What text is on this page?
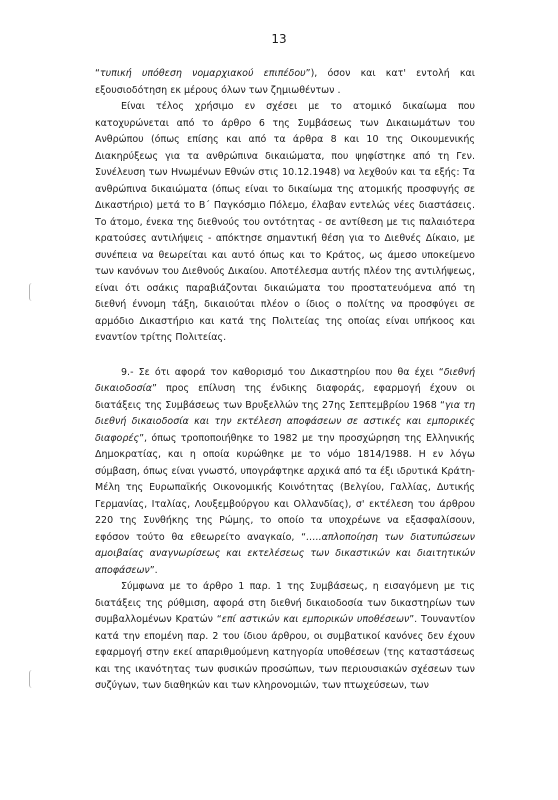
13

“τυπική υπόθεση νομαρχιακού επιπέδου”), όσον και κατ' εντολή και εξουσιοδότηση εκ μέρους όλων των ζημιωθέντων .

Είναι τέλος χρήσιμο εν σχέσει με το ατομικό δικαίωμα που κατοχυρώνεται από το άρθρο 6 της Συμβάσεως των Δικαιωμάτων του Ανθρώπου (όπως επίσης και από τα άρθρα 8 και 10 της Οικουμενικής Διακηρύξεως για τα ανθρώπινα δικαιώματα, που ψηφίστηκε από τη Γεν. Συνέλευση των Ηνωμένων Εθνών στις 10.12.1948) να λεχθούν και τα εξής: Τα ανθρώπινα δικαιώματα (όπως είναι το δικαίωμα της ατομικής προσφυγής σε Δικαστήριο) μετά το Β΄ Παγκόσμιο Πόλεμο, έλαβαν εντελώς νέες διαστάσεις. Το άτομο, ένεκα της διεθνούς του οντότητας - σε αντίθεση με τις παλαιότερα κρατούσες αντιλήψεις - απόκτησε σημαντική θέση για το Διεθνές Δίκαιο, με συνέπεια να θεωρείται και αυτό όπως και το Κράτος, ως άμεσο υποκείμενο των κανόνων του Διεθνούς Δικαίου. Αποτέλεσμα αυτής πλέον της αντιλήψεως, είναι ότι οσάκις παραβιάζονται δικαιώματα του προστατευόμενα από τη διεθνή έννομη τάξη, δικαιούται πλέον ο ίδιος ο πολίτης να προσφύγει σε αρμόδιο Δικαστήριο και κατά της Πολιτείας της οποίας είναι υπήκοος και εναντίον τρίτης Πολιτείας.

9.- Σε ότι αφορά τον καθορισμό του Δικαστηρίου που θα έχει “διεθνή δικαιοδοσία” προς επίλυση της ένδικης διαφοράς, εφαρμογή έχουν οι διατάξεις της Συμβάσεως των Βρυξελλών της 27ης Σεπτεμβρίου 1968 “για τη διεθνή δικαιοδοσία και την εκτέλεση αποφάσεων σε αστικές και εμπορικές διαφορές”, όπως τροποποιήθηκε το 1982 με την προσχώρηση της Ελληνικής Δημοκρατίας, και η οποία κυρώθηκε με το νόμο 1814/1988. Η εν λόγω σύμβαση, όπως είναι γνωστό, υπογράφτηκε αρχικά από τα έξι ιδρυτικά Κράτη-Μέλη της Ευρωπαϊκής Οικονομικής Κοινότητας (Βελγίου, Γαλλίας, Δυτικής Γερμανίας, Ιταλίας, Λουξεμβούργου και Ολλανδίας), σ' εκτέλεση του άρθρου 220 της Συνθήκης της Ρώμης, το οποίο τα υποχρέωνε να εξασφαλίσουν, εφόσον τούτο θα εθεωρείτο αναγκαίο, “…..απλοποίηση των διατυπώσεων αμοιβαίας αναγνωρίσεως και εκτελέσεως των δικαστικών και διαιτητικών αποφάσεων”.

Σύμφωνα με το άρθρο 1 παρ. 1 της Συμβάσεως, η εισαγόμενη με τις διατάξεις της ρύθμιση, αφορά στη διεθνή δικαιοδοσία των δικαστηρίων των συμβαλλομένων Κρατών “επί αστικών και εμπορικών υποθέσεων”. Τουναντίον κατά την επομένη παρ. 2 του ίδιου άρθρου, οι συμβατικοί κανόνες δεν έχουν εφαρμογή στην εκεί απαριθμούμενη κατηγορία υποθέσεων (της καταστάσεως και της ικανότητας των φυσικών προσώπων, των περιουσιακών σχέσεων των συζύγων, των διαθηκών και των κληρονομιών, των πτωχεύσεων, των
